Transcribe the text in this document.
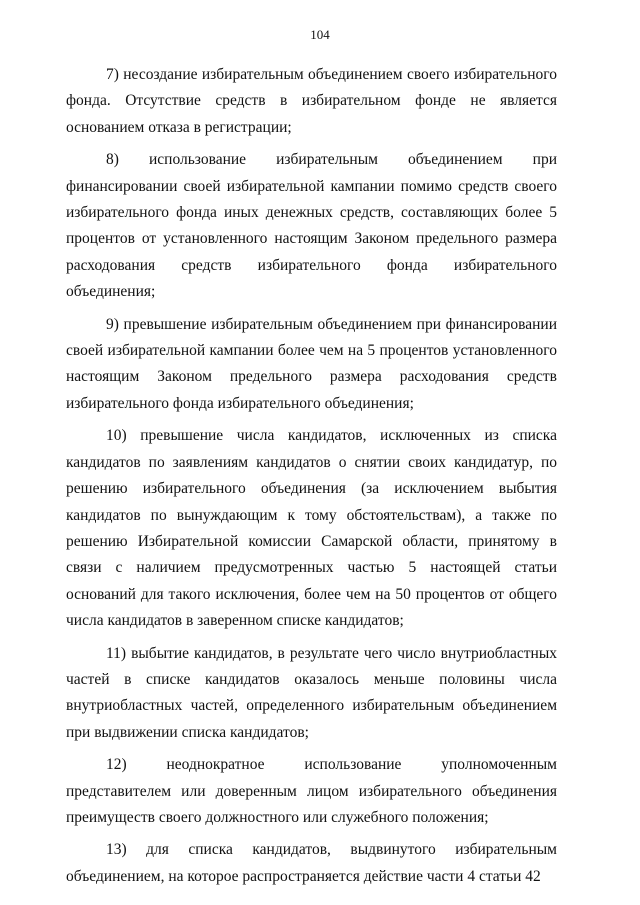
104

7) несоздание избирательным объединением своего избирательного фонда. Отсутствие средств в избирательном фонде не является основанием отказа в регистрации;

8) использование избирательным объединением при финансировании своей избирательной кампании помимо средств своего избирательного фонда иных денежных средств, составляющих более 5 процентов от установленного настоящим Законом предельного размера расходования средств избирательного фонда избирательного объединения;

9) превышение избирательным объединением при финансировании своей избирательной кампании более чем на 5 процентов установленного настоящим Законом предельного размера расходования средств избирательного фонда избирательного объединения;

10) превышение числа кандидатов, исключенных из списка кандидатов по заявлениям кандидатов о снятии своих кандидатур, по решению избирательного объединения (за исключением выбытия кандидатов по вынуждающим к тому обстоятельствам), а также по решению Избирательной комиссии Самарской области, принятому в связи с наличием предусмотренных частью 5 настоящей статьи оснований для такого исключения, более чем на 50 процентов от общего числа кандидатов в заверенном списке кандидатов;

11) выбытие кандидатов, в результате чего число внутриобластных частей в списке кандидатов оказалось меньше половины числа внутриобластных частей, определенного избирательным объединением при выдвижении списка кандидатов;

12) неоднократное использование уполномоченным представителем или доверенным лицом избирательного объединения преимуществ своего должностного или служебного положения;

13) для списка кандидатов, выдвинутого избирательным объединением, на которое распространяется действие части 4 статьи 42
